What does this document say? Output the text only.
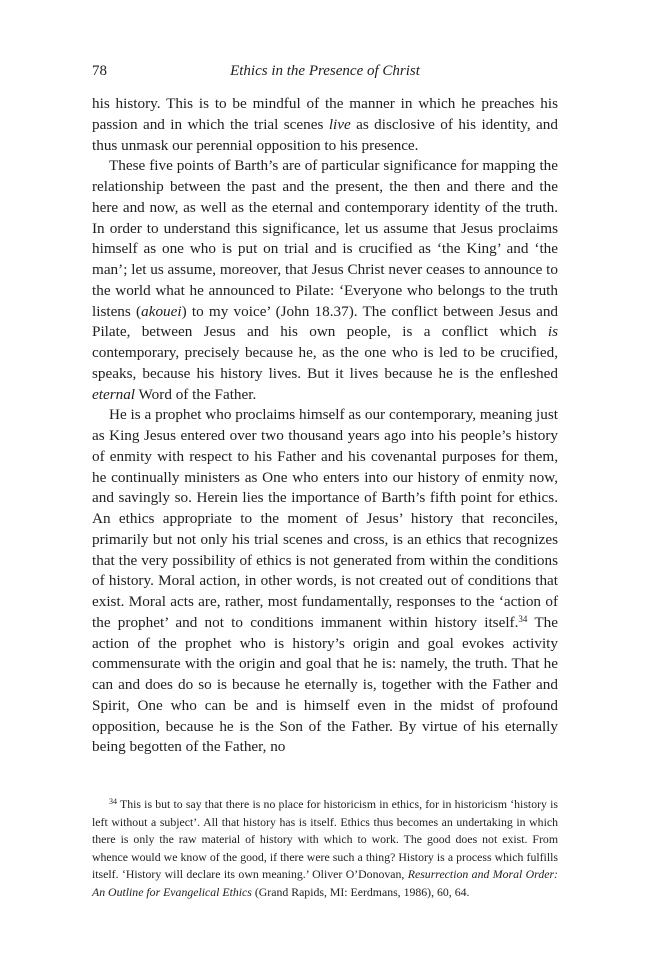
78	Ethics in the Presence of Christ

his history. This is to be mindful of the manner in which he preaches his passion and in which the trial scenes live as disclosive of his identity, and thus unmask our perennial opposition to his presence.

These five points of Barth’s are of particular significance for mapping the relationship between the past and the present, the then and there and the here and now, as well as the eternal and contemporary identity of the truth. In order to understand this significance, let us assume that Jesus proclaims himself as one who is put on trial and is crucified as ‘the King’ and ‘the man’; let us assume, moreover, that Jesus Christ never ceases to announce to the world what he announced to Pilate: ‘Everyone who belongs to the truth listens (akouei) to my voice’ (John 18.37). The conflict between Jesus and Pilate, between Jesus and his own people, is a conflict which is contemporary, precisely because he, as the one who is led to be crucified, speaks, because his history lives. But it lives because he is the enfleshed eternal Word of the Father.

He is a prophet who proclaims himself as our contemporary, meaning just as King Jesus entered over two thousand years ago into his people’s history of enmity with respect to his Father and his covenantal purposes for them, he continually ministers as One who enters into our history of enmity now, and savingly so. Herein lies the importance of Barth’s fifth point for ethics. An ethics appropriate to the moment of Jesus’ history that reconciles, primarily but not only his trial scenes and cross, is an ethics that recognizes that the very possibility of ethics is not generated from within the conditions of history. Moral action, in other words, is not created out of conditions that exist. Moral acts are, rather, most fundamentally, responses to the ‘action of the prophet’ and not to conditions immanent within history itself.$^{34}$ The action of the prophet who is history’s origin and goal evokes activity commensurate with the origin and goal that he is: namely, the truth. That he can and does do so is because he eternally is, together with the Father and Spirit, One who can be and is himself even in the midst of profound opposition, because he is the Son of the Father. By virtue of his eternally being begotten of the Father, no

$^{34}$ This is but to say that there is no place for historicism in ethics, for in historicism ‘history is left without a subject’. All that history has is itself. Ethics thus becomes an undertaking in which there is only the raw material of history with which to work. The good does not exist. From whence would we know of the good, if there were such a thing? History is a process which fulfills itself. ‘History will declare its own meaning.’ Oliver O’Donovan, Resurrection and Moral Order: An Outline for Evangelical Ethics (Grand Rapids, MI: Eerdmans, 1986), 60, 64.
